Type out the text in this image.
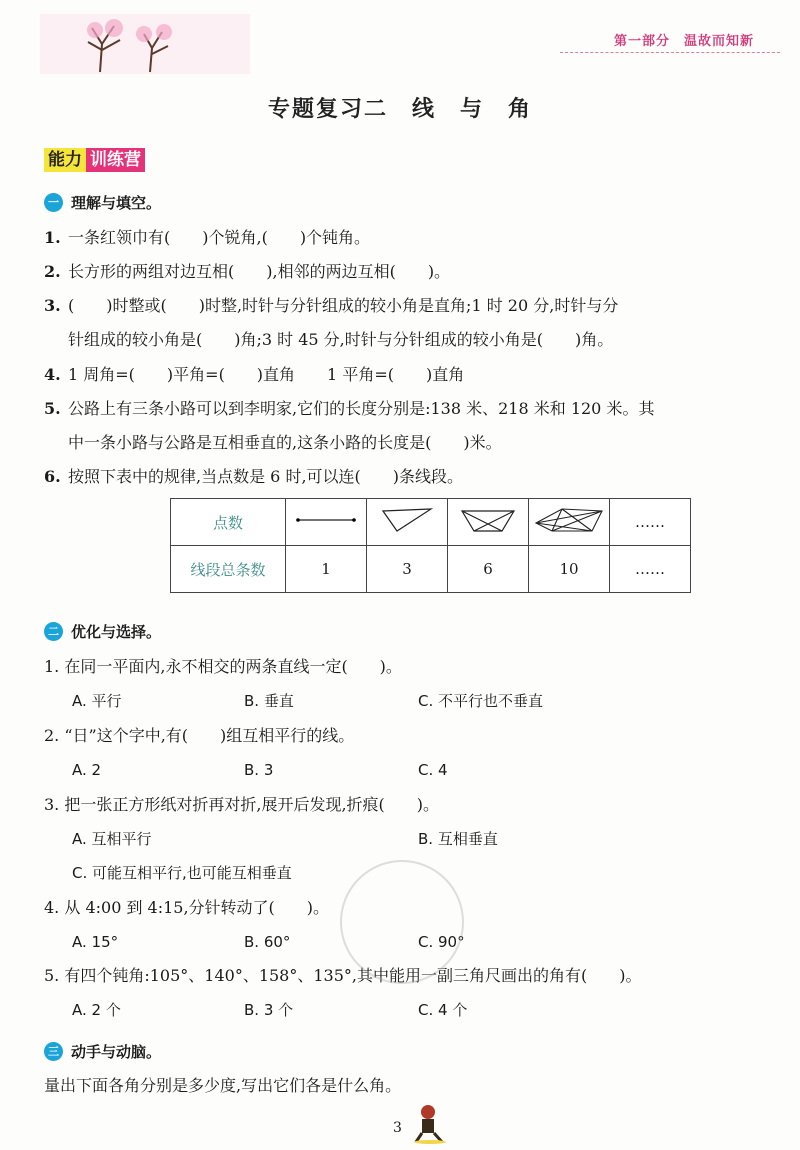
第一部分 温故而知新
专题复习二　线　与　角
能力 训练营
一 理解与填空。
1. 一条红领巾有(　　)个锐角,(　　)个钝角。
2. 长方形的两组对边互相(　　),相邻的两边互相(　　)。
3. (　　)时整或(　　)时整,时针与分针组成的较小角是直角;1 时 20 分,时针与分
针组成的较小角是(　　)角;3 时 45 分,时针与分针组成的较小角是(　　)角。
4. 1 周角=(　　)平角=(　　)直角　　1 平角=(　　)直角
5. 公路上有三条小路可以到李明家,它们的长度分别是:138 米、218 米和 120 米。其
中一条小路与公路是互相垂直的,这条小路的长度是(　　)米。
6. 按照下表中的规律,当点数是 6 时,可以连(　　)条线段。
点数					……
线段总条数	1	3	6	10	……
二 优化与选择。
1. 在同一平面内,永不相交的两条直线一定(　　)。
A. 平行	B. 垂直	C. 不平行也不垂直
2. “日”这个字中,有(　　)组互相平行的线。
A. 2	B. 3	C. 4
3. 把一张正方形纸对折再对折,展开后发现,折痕(　　)。
A. 互相平行	B. 互相垂直
C. 可能互相平行,也可能互相垂直
4. 从 4:00 到 4:15,分针转动了(　　)。
A. 15°	B. 60°	C. 90°
5. 有四个钝角:105°、140°、158°、135°,其中能用一副三角尺画出的角有(　　)。
A. 2 个	B. 3 个	C. 4 个
三 动手与动脑。
量出下面各角分别是多少度,写出它们各是什么角。
3
